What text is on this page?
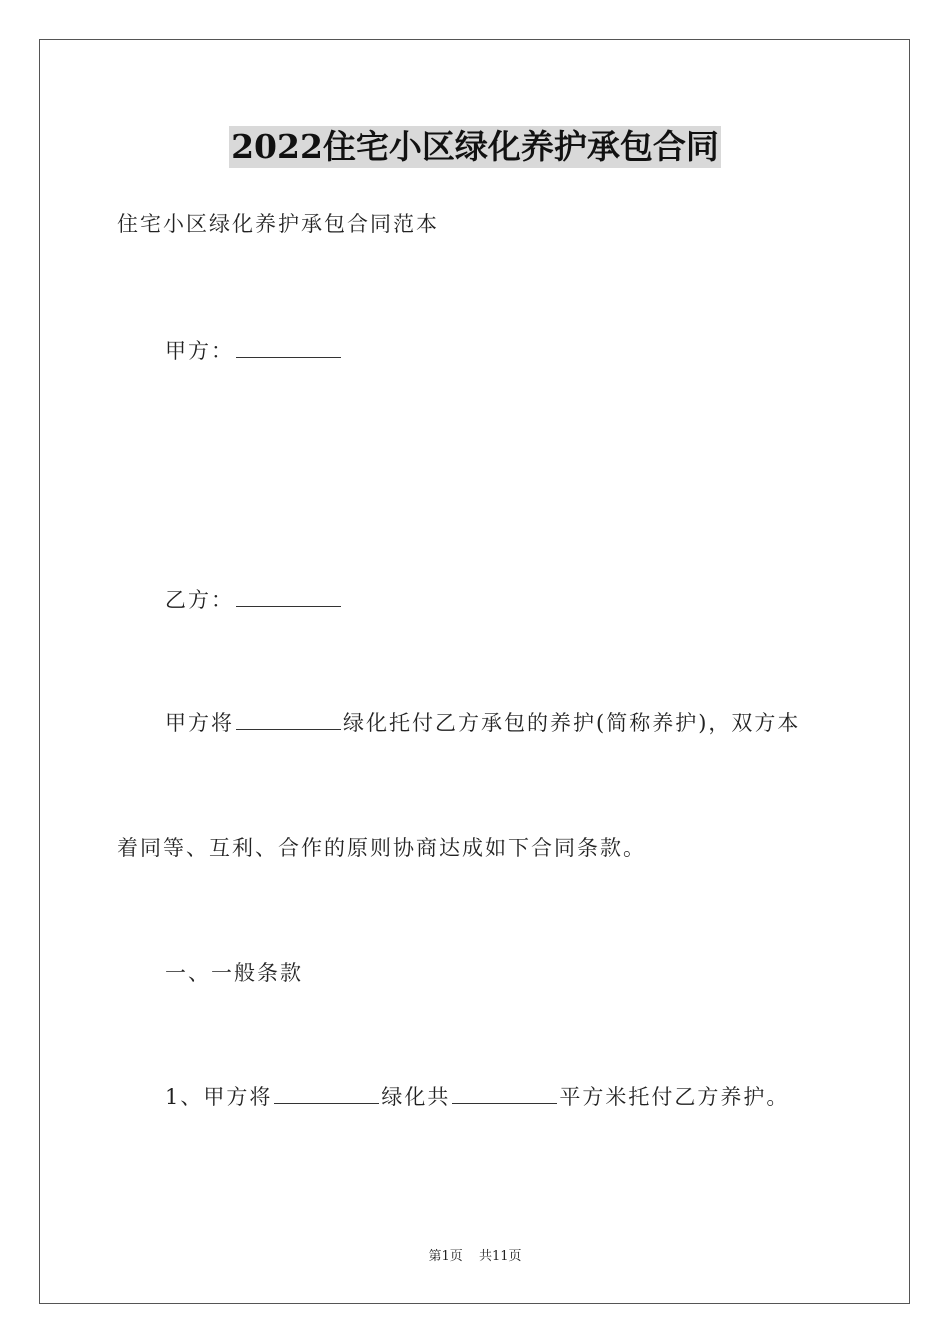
2022住宅小区绿化养护承包合同
住宅小区绿化养护承包合同范本
甲方：
乙方：
甲方将	绿化托付乙方承包的养护(简称养护)，双方本
着同等、互利、合作的原则协商达成如下合同条款。
一、一般条款
1、甲方将	绿化共	平方米托付乙方养护。
第1页 共11页
